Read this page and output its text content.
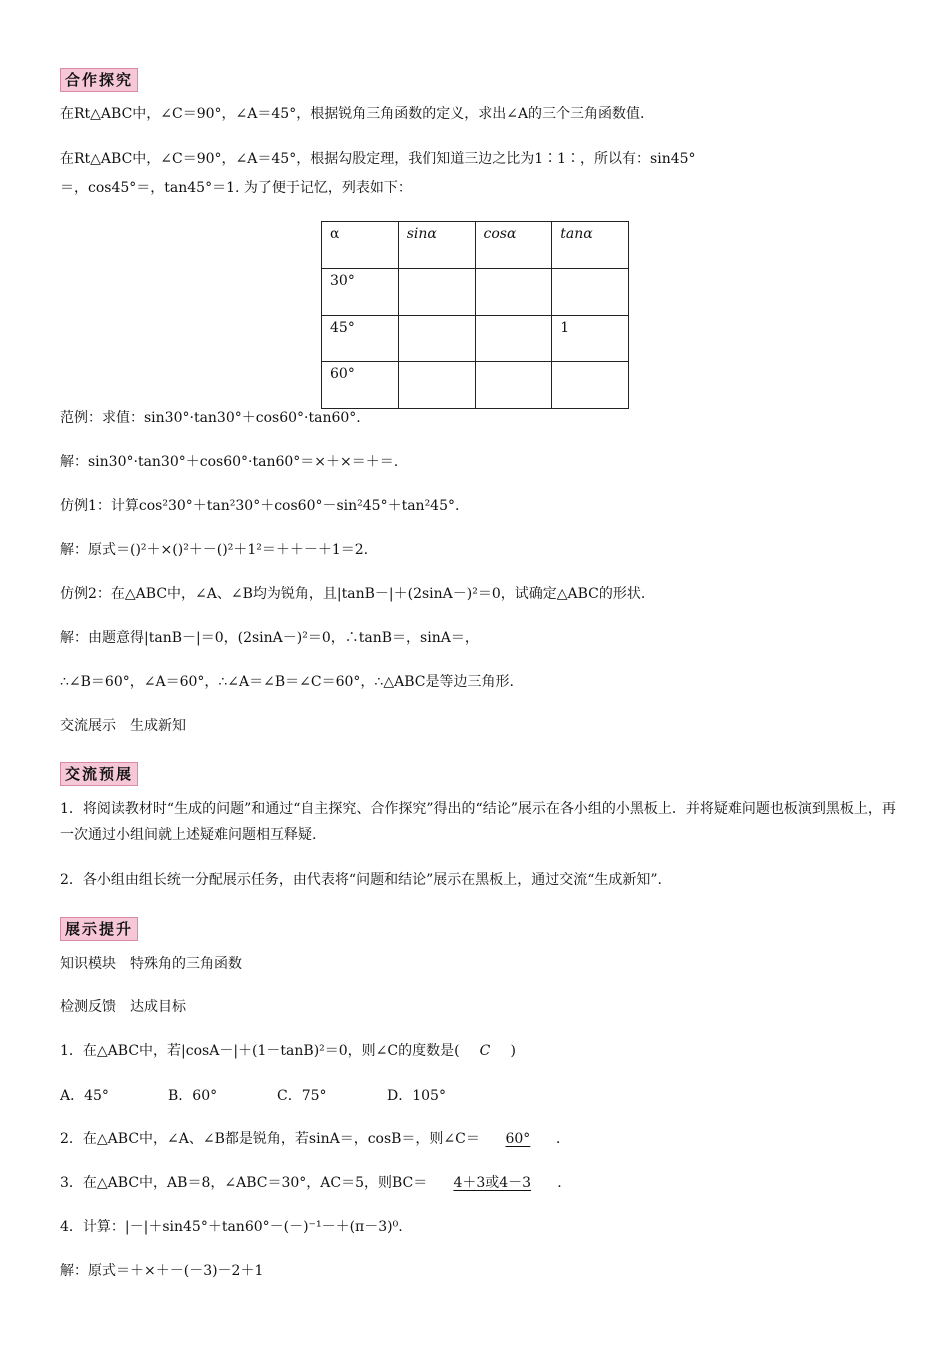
合作探究
在Rt△ABC中，∠C＝90°，∠A＝45°，根据锐角三角函数的定义，求出∠A的三个三角函数值.
在Rt△ABC中，∠C＝90°，∠A＝45°，根据勾股定理，我们知道三边之比为1∶1∶，所以有：sin45°
＝，cos45°＝，tan45°＝1. 为了便于记忆，列表如下：
α	sinα	cosα	tanα
30°			
45°			1
60°			
范例：求值：sin30°·tan30°＋cos60°·tan60°.
解：sin30°·tan30°＋cos60°·tan60°＝×＋×＝＋＝.
仿例1：计算cos²30°＋tan²30°＋cos60°－sin²45°＋tan²45°.
解：原式＝()²＋×()²＋－()²＋1²＝＋＋－＋1＝2.
仿例2：在△ABC中，∠A、∠B均为锐角，且|tanB－|＋(2sinA－)²＝0，试确定△ABC的形状.
解：由题意得|tanB－|＝0，(2sinA－)²＝0，∴tanB＝，sinA＝，
∴∠B＝60°，∠A＝60°，∴∠A＝∠B＝∠C＝60°，∴△ABC是等边三角形.
交流展示　生成新知
交流预展
1．将阅读教材时“生成的问题”和通过“自主探究、合作探究”得出的“结论”展示在各小组的小黑板上．并将疑难问题也板演到黑板上，再一次通过小组间就上述疑难问题相互释疑.
2．各小组由组长统一分配展示任务，由代表将“问题和结论”展示在黑板上，通过交流“生成新知”.
展示提升
知识模块　特殊角的三角函数
检测反馈　达成目标
1．在△ABC中，若|cosA－|＋(1－tanB)²＝0，则∠C的度数是( C )
A．45°	B．60°	C．75°	D．105°
2．在△ABC中，∠A、∠B都是锐角，若sinA＝，cosB＝，则∠C＝ 60° .
3．在△ABC中，AB＝8，∠ABC＝30°，AC＝5，则BC＝ 4＋3或4－3 .
4．计算：|－|＋sin45°＋tan60°－(－)⁻¹－＋(π－3)⁰.
解：原式＝＋×＋－(－3)－2＋1
